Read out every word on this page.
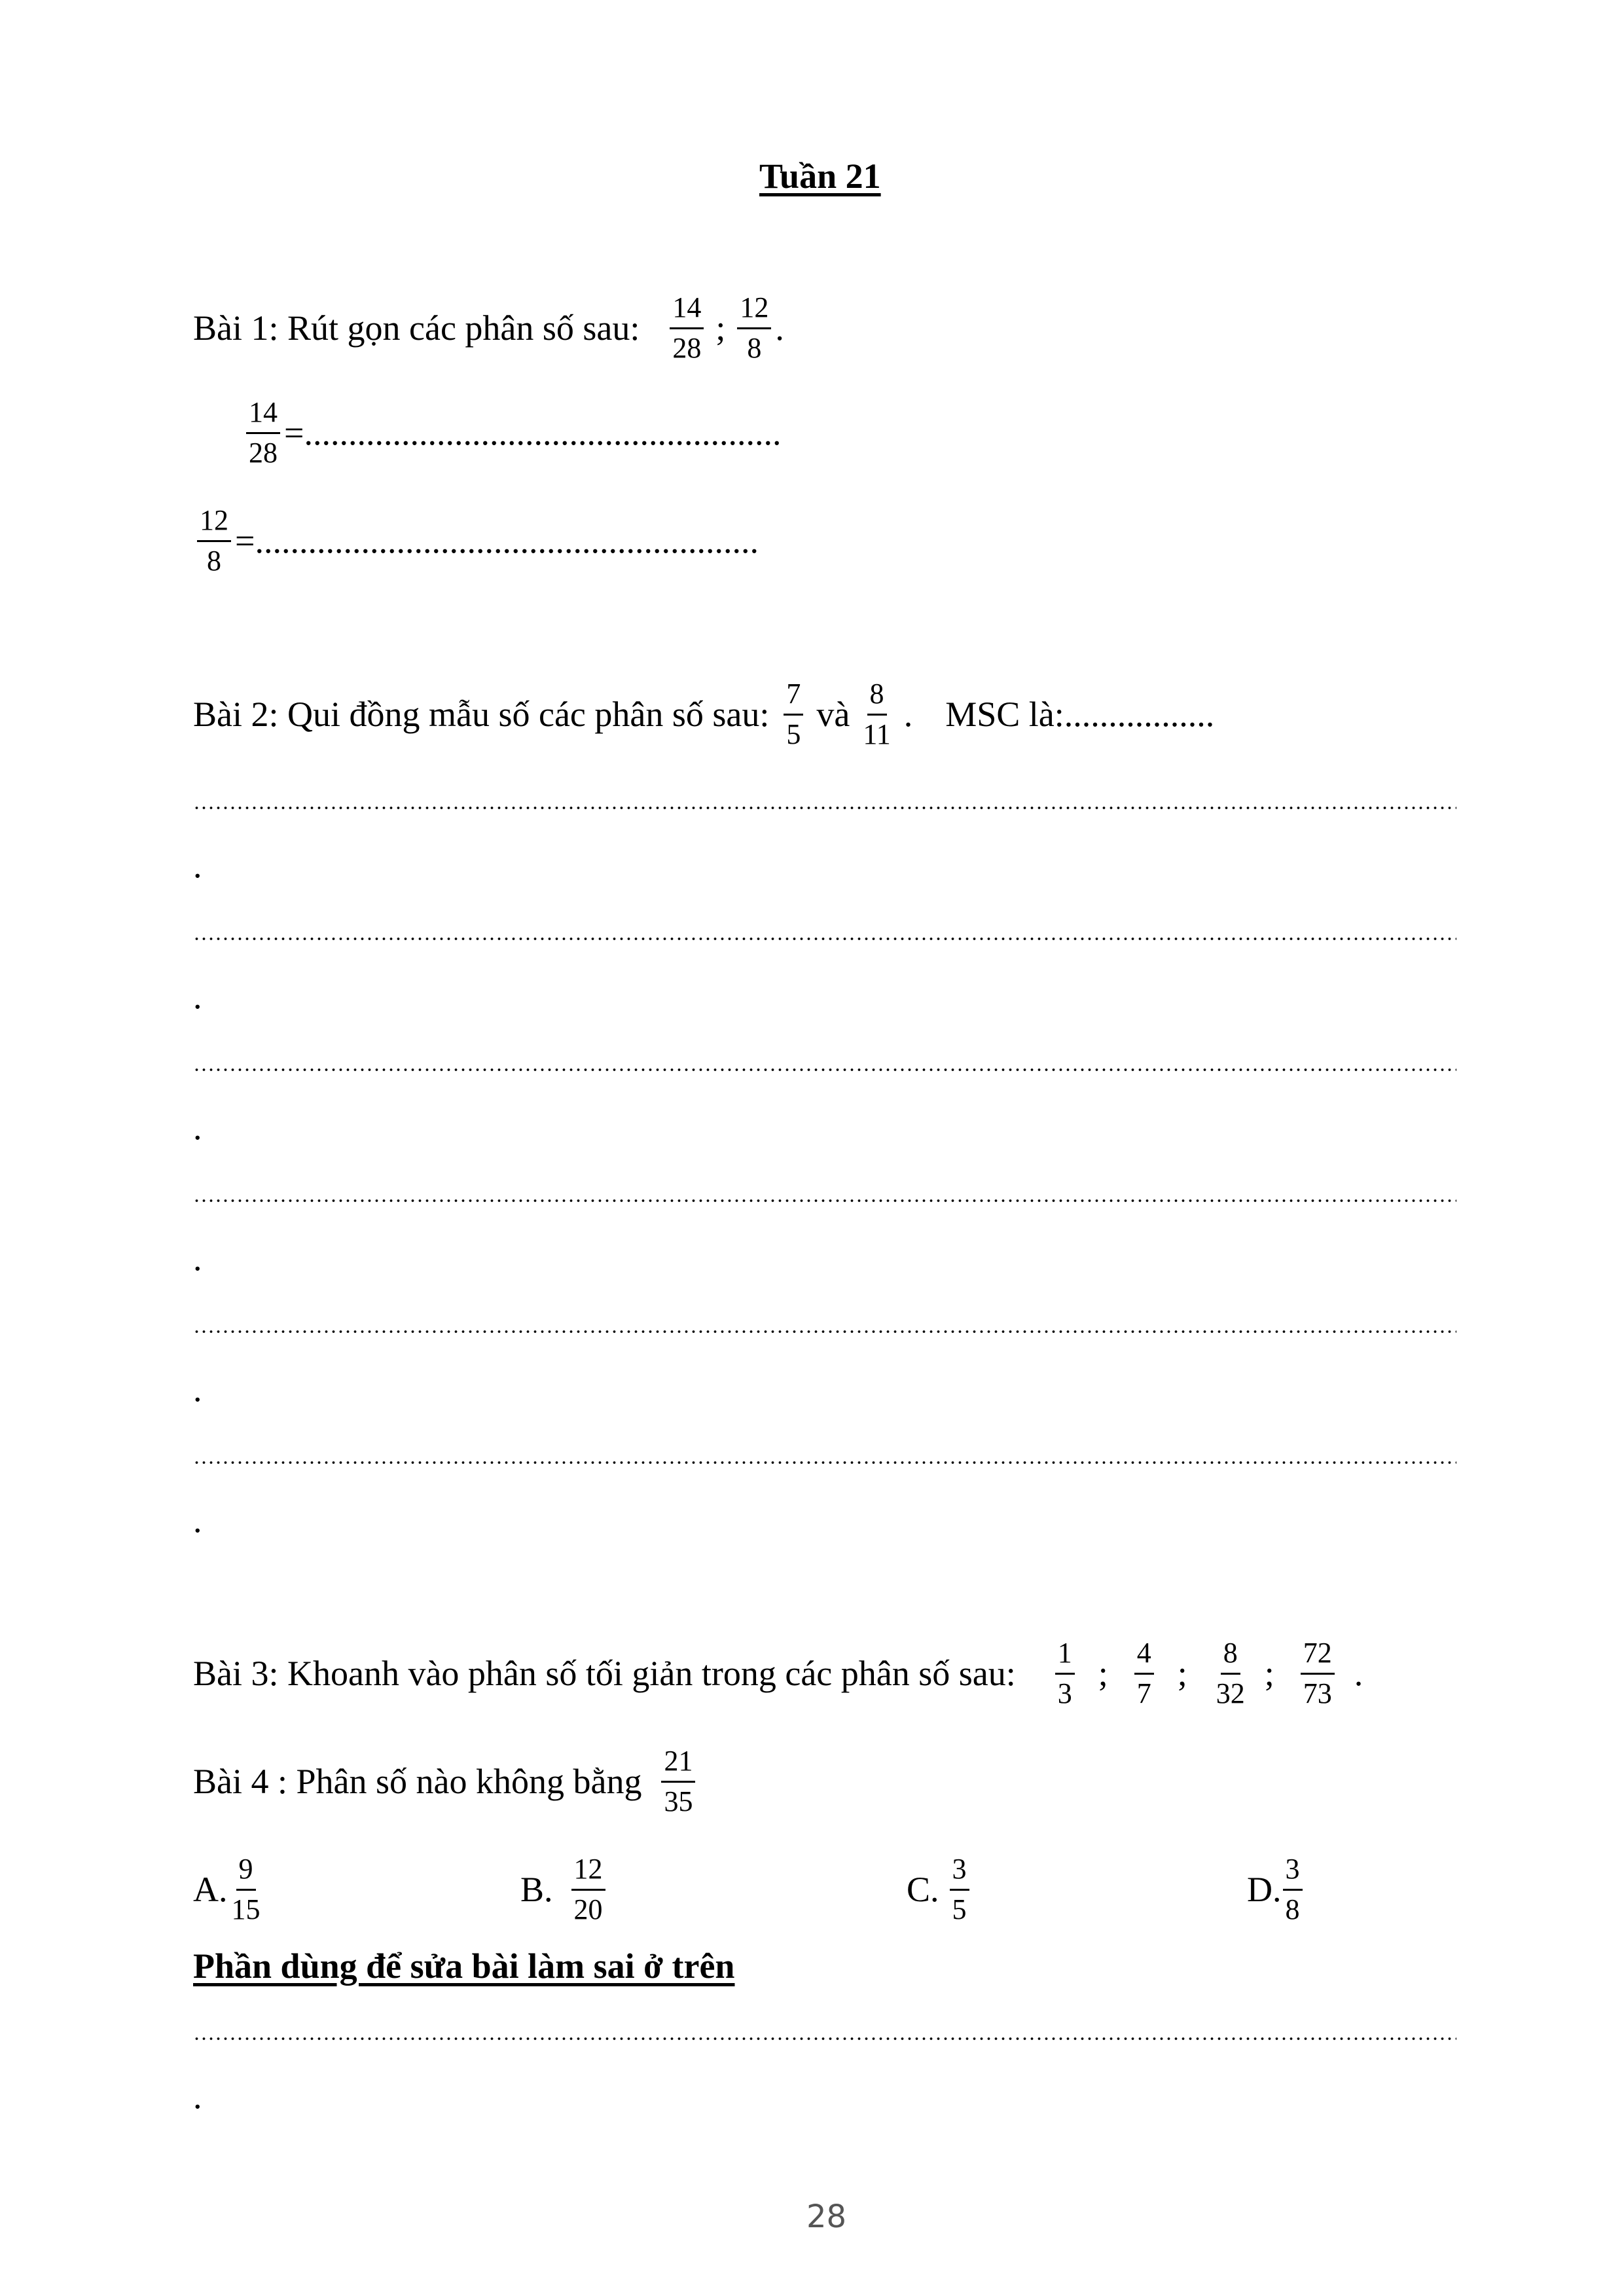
Tuần 21
Bài 1: Rút gọn các phân số sau: $\frac{14}{28}$ ; $\frac{12}{8}$ .
$\frac{14}{28}$ =......................................................
$\frac{12}{8}$ =.........................................................
Bài 2: Qui đồng mẫu số các phân số sau: $\frac{7}{5}$ và $\frac{8}{11}$ . MSC là:.................
.
.
.
.
.
.
Bài 3: Khoanh vào phân số tối giản trong các phân số sau: $\frac{1}{3}$ ; $\frac{4}{7}$ ; $\frac{8}{32}$ ; $\frac{72}{73}$ .
Bài 4 : Phân số nào không bằng $\frac{21}{35}$
A. $\frac{9}{15}$	B. $\frac{12}{20}$	C. $\frac{3}{5}$	D. $\frac{3}{8}$
Phần dùng để sửa bài làm sai ở trên
.
28
